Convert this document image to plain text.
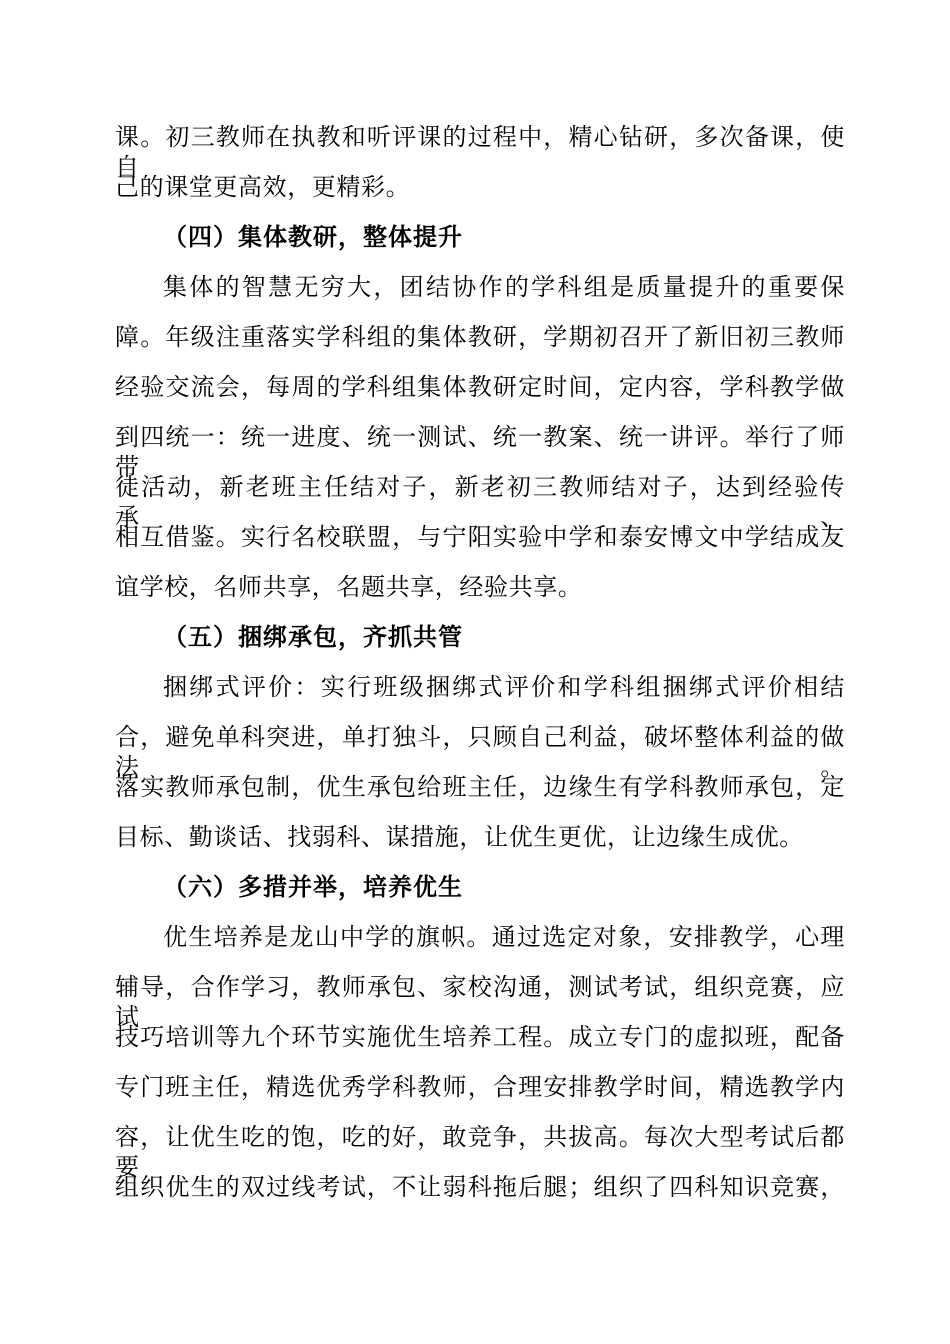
课。初三教师在执教和听评课的过程中，精心钻研，多次备课，使自
己的课堂更高效，更精彩。
（四）集体教研，整体提升
集体的智慧无穷大，团结协作的学科组是质量提升的重要保
障。年级注重落实学科组的集体教研，学期初召开了新旧初三教师
经验交流会，每周的学科组集体教研定时间，定内容，学科教学做
到四统一：统一进度、统一测试、统一教案、统一讲评。举行了师带
徒活动，新老班主任结对子，新老初三教师结对子，达到经验传承、
相互借鉴。实行名校联盟，与宁阳实验中学和泰安博文中学结成友
谊学校，名师共享，名题共享，经验共享。
（五）捆绑承包，齐抓共管
捆绑式评价：实行班级捆绑式评价和学科组捆绑式评价相结
合，避免单科突进，单打独斗，只顾自己利益，破坏整体利益的做法。
落实教师承包制，优生承包给班主任，边缘生有学科教师承包，定
目标、勤谈话、找弱科、谋措施，让优生更优，让边缘生成优。
（六）多措并举，培养优生
优生培养是龙山中学的旗帜。通过选定对象，安排教学，心理
辅导，合作学习，教师承包、家校沟通，测试考试，组织竞赛，应试
技巧培训等九个环节实施优生培养工程。成立专门的虚拟班，配备
专门班主任，精选优秀学科教师，合理安排教学时间，精选教学内
容，让优生吃的饱，吃的好，敢竞争，共拔高。每次大型考试后都要
组织优生的双过线考试，不让弱科拖后腿；组织了四科知识竞赛，
